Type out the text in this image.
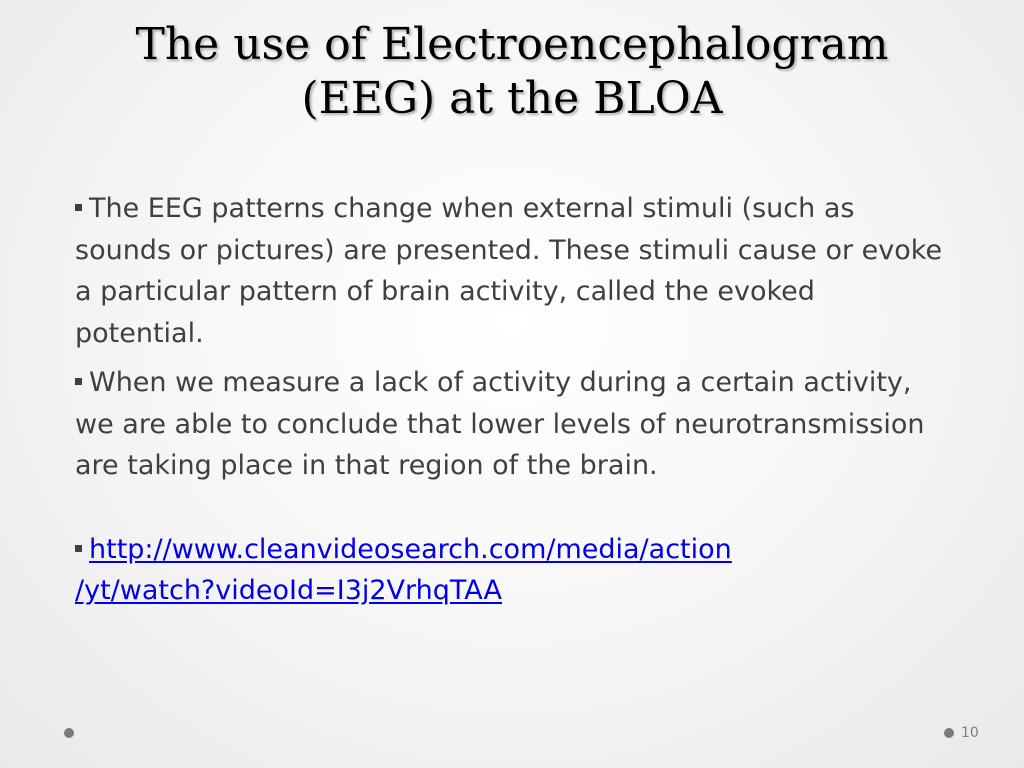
The use of Electroencephalogram
(EEG) at the BLOA
The EEG patterns change when external stimuli (such as sounds or pictures) are presented. These stimuli cause or evoke a particular pattern of brain activity, called the evoked potential.
When we measure a lack of activity during a certain activity, we are able to conclude that lower levels of neurotransmission are taking place in that region of the brain.
http://www.cleanvideosearch.com/media/action
/yt/watch?videoId=I3j2VrhqTAA
10
